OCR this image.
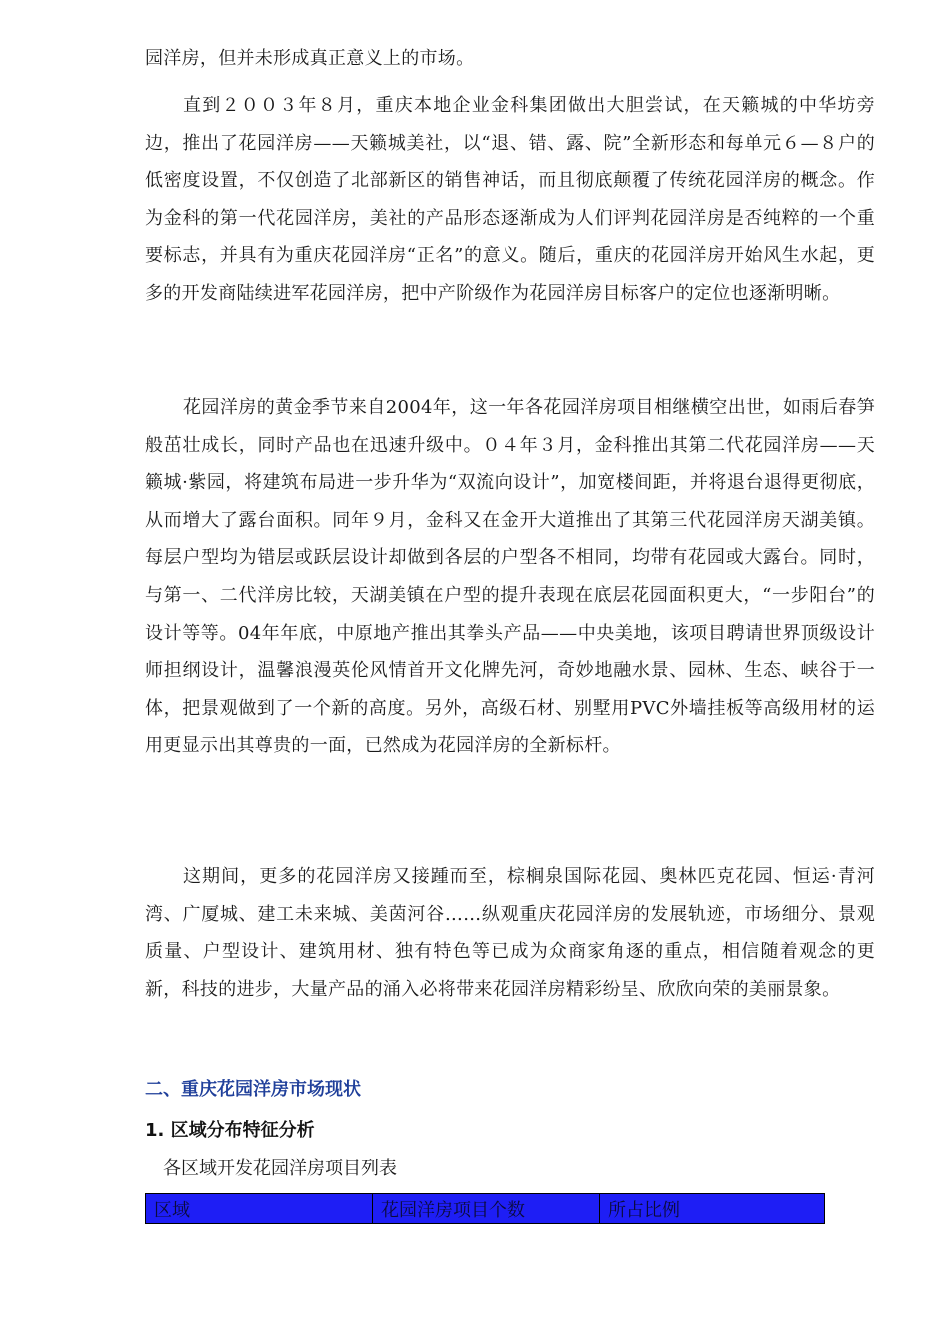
园洋房，但并未形成真正意义上的市场。

直到２００３年８月，重庆本地企业金科集团做出大胆尝试，在天籁城的中华坊旁边，推出了花园洋房——天籁城美社，以“退、错、露、院”全新形态和每单元６—８户的低密度设置，不仅创造了北部新区的销售神话，而且彻底颠覆了传统花园洋房的概念。作为金科的第一代花园洋房，美社的产品形态逐渐成为人们评判花园洋房是否纯粹的一个重要标志，并具有为重庆花园洋房“正名”的意义。随后，重庆的花园洋房开始风生水起，更多的开发商陆续进军花园洋房，把中产阶级作为花园洋房目标客户的定位也逐渐明晰。

花园洋房的黄金季节来自2004年，这一年各花园洋房项目相继横空出世，如雨后春笋般茁壮成长，同时产品也在迅速升级中。０４年３月，金科推出其第二代花园洋房——天籁城·紫园，将建筑布局进一步升华为“双流向设计”，加宽楼间距，并将退台退得更彻底，从而增大了露台面积。同年９月，金科又在金开大道推出了其第三代花园洋房天湖美镇。每层户型均为错层或跃层设计却做到各层的户型各不相同，均带有花园或大露台。同时，与第一、二代洋房比较，天湖美镇在户型的提升表现在底层花园面积更大，“一步阳台”的设计等等。04年年底，中原地产推出其拳头产品——中央美地，该项目聘请世界顶级设计师担纲设计，温馨浪漫英伦风情首开文化牌先河，奇妙地融水景、园林、生态、峡谷于一体，把景观做到了一个新的高度。另外，高级石材、别墅用PVC外墙挂板等高级用材的运用更显示出其尊贵的一面，已然成为花园洋房的全新标杆。

这期间，更多的花园洋房又接踵而至，棕榈泉国际花园、奥林匹克花园、恒运·青河湾、广厦城、建工未来城、美茵河谷……纵观重庆花园洋房的发展轨迹，市场细分、景观质量、户型设计、建筑用材、独有特色等已成为众商家角逐的重点，相信随着观念的更新，科技的进步，大量产品的涌入必将带来花园洋房精彩纷呈、欣欣向荣的美丽景象。

二、重庆花园洋房市场现状
1. 区域分布特征分析

各区域开发花园洋房项目列表

区域	花园洋房项目个数	所占比例
